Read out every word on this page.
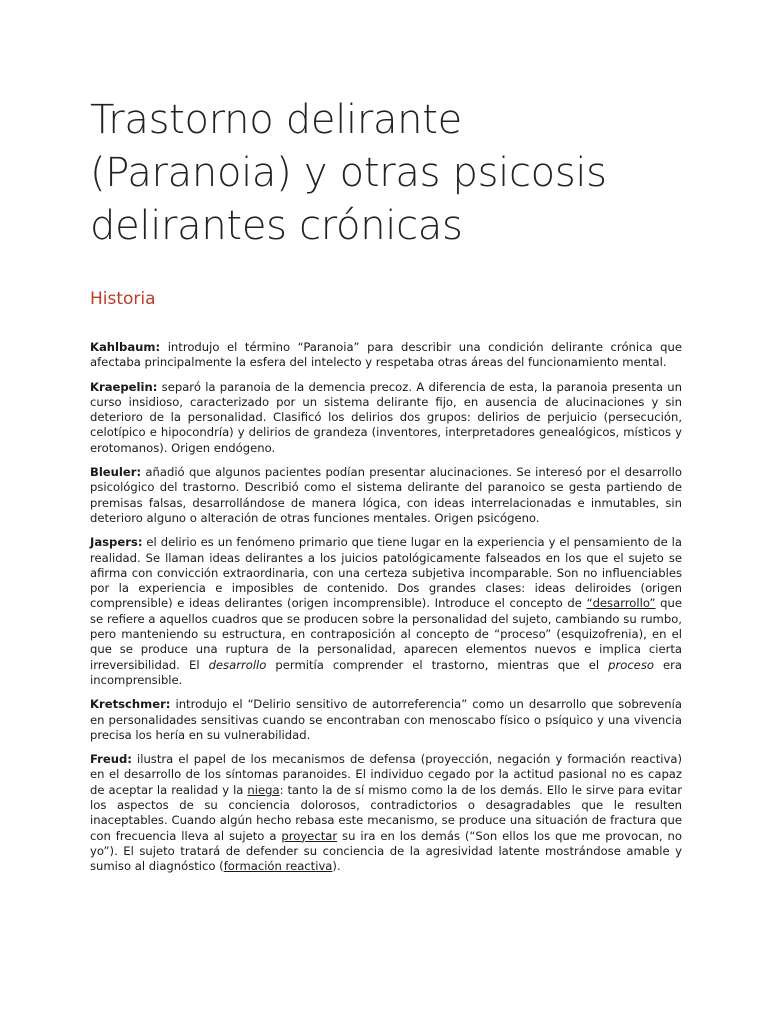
Trastorno delirante
(Paranoia) y otras psicosis
delirantes crónicas
Historia

Kahlbaum: introdujo el término “Paranoia” para describir una condición delirante crónica que afectaba principalmente la esfera del intelecto y respetaba otras áreas del funcionamiento mental.

Kraepelin: separó la paranoia de la demencia precoz. A diferencia de esta, la paranoia presenta un curso insidioso, caracterizado por un sistema delirante fijo, en ausencia de alucinaciones y sin deterioro de la personalidad. Clasificó los delirios dos grupos: delirios de perjuicio (persecución, celotípico e hipocondría) y delirios de grandeza (inventores, interpretadores genealógicos, místicos y erotomanos). Origen endógeno.

Bleuler: añadió que algunos pacientes podían presentar alucinaciones. Se interesó por el desarrollo psicológico del trastorno. Describió como el sistema delirante del paranoico se gesta partiendo de premisas falsas, desarrollándose de manera lógica, con ideas interrelacionadas e inmutables, sin deterioro alguno o alteración de otras funciones mentales. Origen psicógeno.

Jaspers: el delirio es un fenómeno primario que tiene lugar en la experiencia y el pensamiento de la realidad. Se llaman ideas delirantes a los juicios patológicamente falseados en los que el sujeto se afirma con convicción extraordinaria, con una certeza subjetiva incomparable. Son no influenciables por la experiencia e imposibles de contenido. Dos grandes clases: ideas deliroides (origen comprensible) e ideas delirantes (origen incomprensible). Introduce el concepto de “desarrollo” que se refiere a aquellos cuadros que se producen sobre la personalidad del sujeto, cambiando su rumbo, pero manteniendo su estructura, en contraposición al concepto de “proceso” (esquizofrenia), en el que se produce una ruptura de la personalidad, aparecen elementos nuevos e implica cierta irreversibilidad. El desarrollo permitía comprender el trastorno, mientras que el proceso era incomprensible.

Kretschmer: introdujo el “Delirio sensitivo de autorreferencia” como un desarrollo que sobrevenía en personalidades sensitivas cuando se encontraban con menoscabo físico o psíquico y una vivencia precisa los hería en su vulnerabilidad.

Freud: ilustra el papel de los mecanismos de defensa (proyección, negación y formación reactiva) en el desarrollo de los síntomas paranoides. El individuo cegado por la actitud pasional no es capaz de aceptar la realidad y la niega: tanto la de sí mismo como la de los demás. Ello le sirve para evitar los aspectos de su conciencia dolorosos, contradictorios o desagradables que le resulten inaceptables. Cuando algún hecho rebasa este mecanismo, se produce una situación de fractura que con frecuencia lleva al sujeto a proyectar su ira en los demás (“Son ellos los que me provocan, no yo”). El sujeto tratará de defender su conciencia de la agresividad latente mostrándose amable y sumiso al diagnóstico (formación reactiva).
